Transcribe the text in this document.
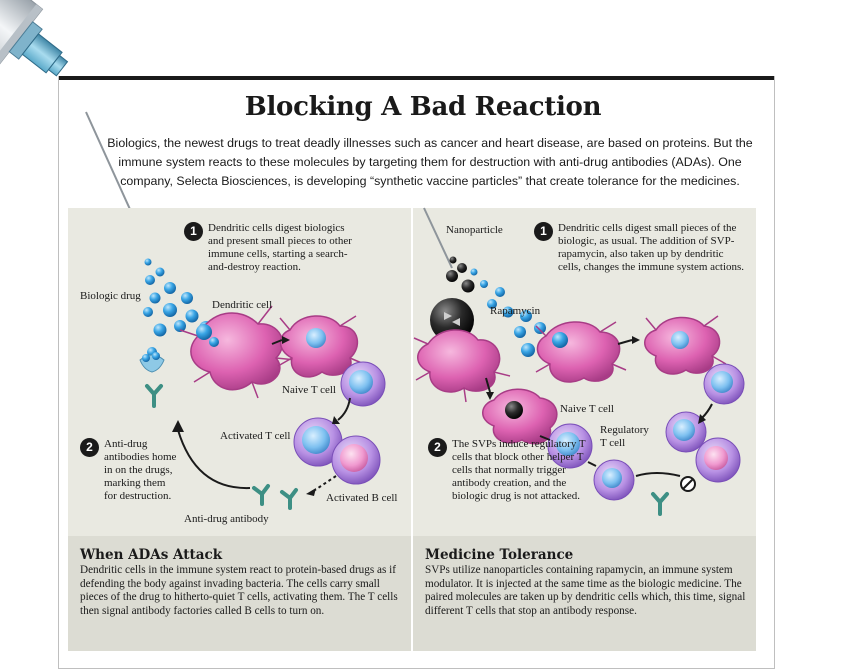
Blocking A Bad Reaction
Biologics, the newest drugs to treat deadly illnesses such as cancer and heart disease, are based on proteins. But the immune system reacts to these molecules by targeting them for destruction with anti-drug antibodies (ADAs). One company, Selecta Biosciences, is developing “synthetic vaccine particles” that create tolerance for the medicines.
When ADAs Attack
Dendritic cells in the immune system react to protein-based drugs as if defending the body against invading bacteria. The cells carry small pieces of the drug to hitherto-quiet T cells, activating them. The T cells then signal antibody factories called B cells to turn on.
Medicine Tolerance
SVPs utilize nanoparticles containing rapamycin, an immune system modulator. It is injected at the same time as the biologic medicine. The paired molecules are taken up by dendritic cells which, this time, signal different T cells that stop an antibody response.
1	Dendritic cells digest biologics and present small pieces to other immune cells, starting a search-and-destroy reaction.
2	Anti-drug antibodies home in on the drugs, marking them for destruction.
Biologic drug
Dendritic cell
Naive T cell
Activated T cell
Activated B cell
Anti-drug antibody
1	Dendritic cells digest small pieces of the biologic, as usual. The addition of SVP-rapamycin, also taken up by dendritic cells, changes the immune system actions.
2	The SVPs induce regulatory T cells that block other helper T cells that normally trigger antibody creation, and the biologic drug is not attacked.
Nanoparticle
Rapamycin
Naive T cell
Regulatory T cell
